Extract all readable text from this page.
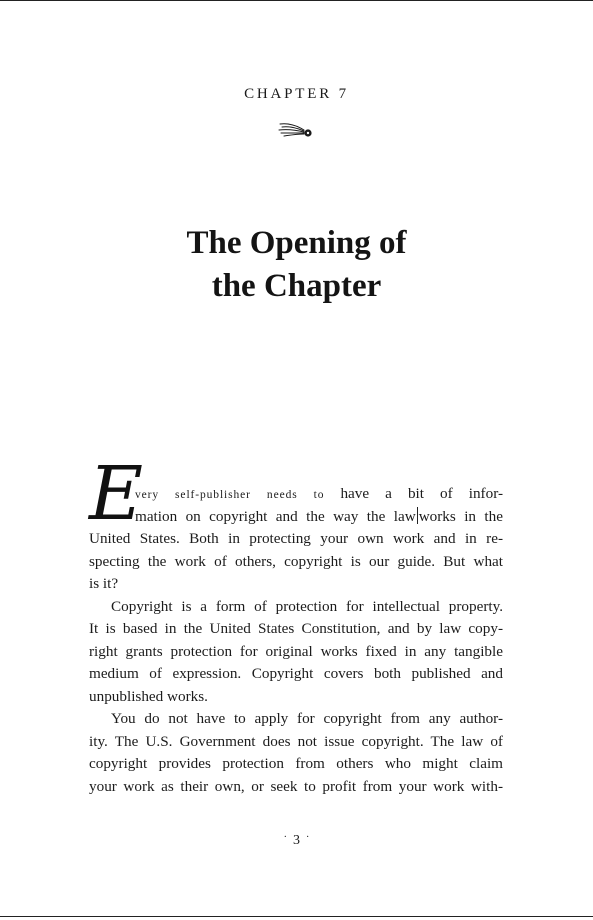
CHAPTER 7
The Opening of
the Chapter
E
very self-publisher needs to have a bit of infor-
mation on copyright and the way the law works in the
United States. Both in protecting your own work and in re-
specting the work of others, copyright is our guide. But what
is it?
Copyright is a form of protection for intellectual property.
It is based in the United States Constitution, and by law copy-
right grants protection for original works fixed in any tangible
medium of expression. Copyright covers both published and
unpublished works.
You do not have to apply for copyright from any author-
ity. The U.S. Government does not issue copyright. The law of
copyright provides protection from others who might claim
your work as their own, or seek to profit from your work with-
· 3 ·
